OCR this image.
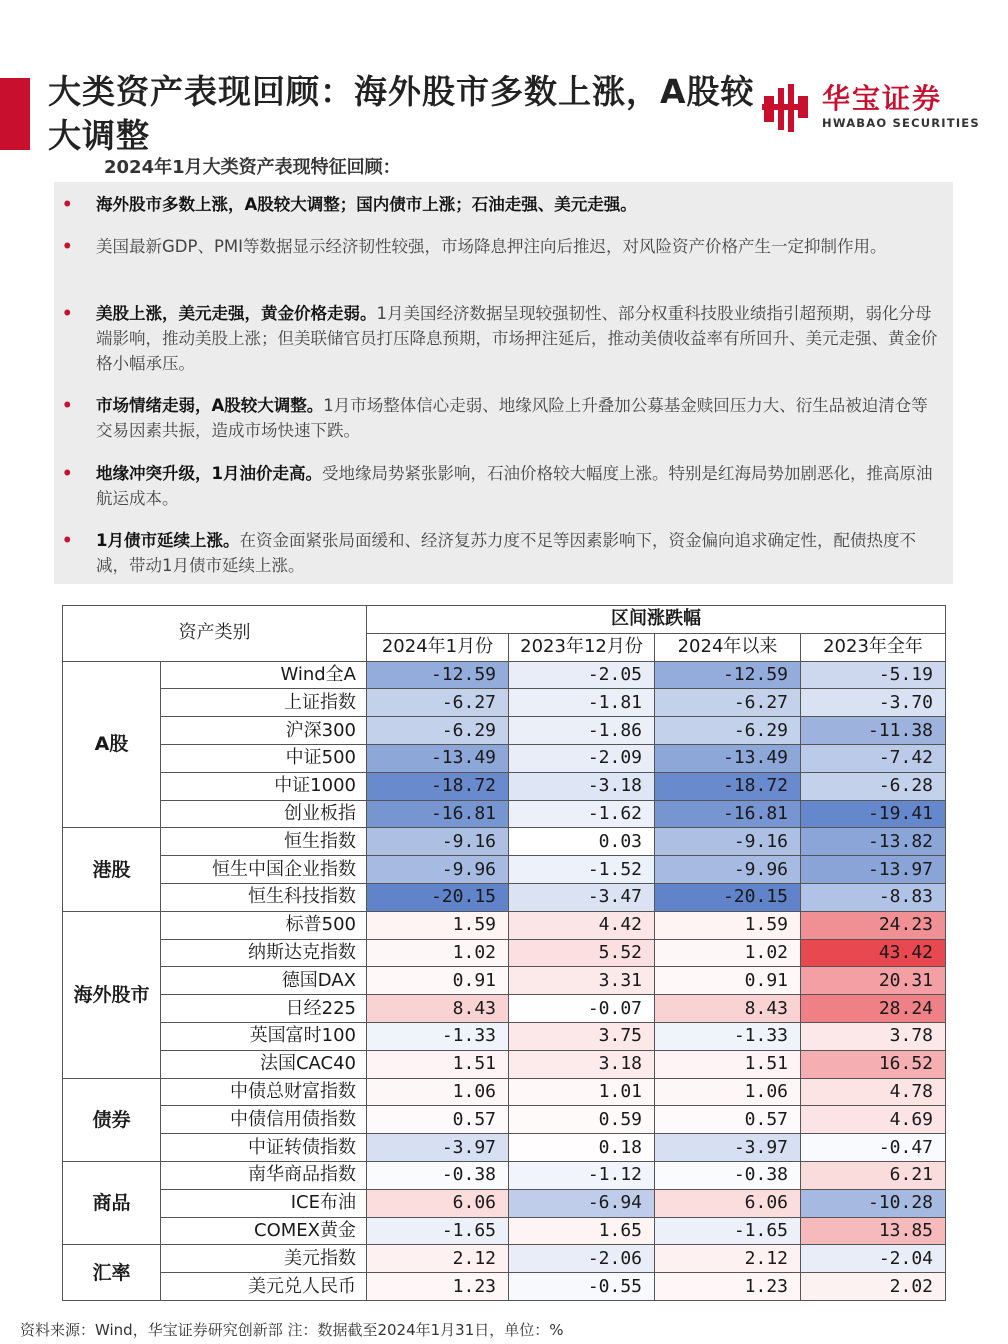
大类资产表现回顾：海外股市多数上涨，A股较大调整
华宝证券
HWABAO SECURITIES
2024年1月大类资产表现特征回顾：
• 海外股市多数上涨，A股较大调整；国内债市上涨；石油走强、美元走强。
• 美国最新GDP、PMI等数据显示经济韧性较强，市场降息押注向后推迟，对风险资产价格产生一定抑制作用。
• 美股上涨，美元走强，黄金价格走弱。1月美国经济数据呈现较强韧性、部分权重科技股业绩指引超预期，弱化分母端影响，推动美股上涨；但美联储官员打压降息预期，市场押注延后，推动美债收益率有所回升、美元走强、黄金价格小幅承压。
• 市场情绪走弱，A股较大调整。1月市场整体信心走弱、地缘风险上升叠加公募基金赎回压力大、衍生品被迫清仓等交易因素共振，造成市场快速下跌。
• 地缘冲突升级，1月油价走高。受地缘局势紧张影响，石油价格较大幅度上涨。特别是红海局势加剧恶化，推高原油航运成本。
• 1月债市延续上涨。在资金面紧张局面缓和、经济复苏力度不足等因素影响下，资金偏向追求确定性，配债热度不减，带动1月债市延续上涨。
资产类别		区间涨跌幅			
		2024年1月份	2023年12月份	2024年以来	2023年全年
A股	Wind全A	-12.59	-2.05	-12.59	-5.19
	上证指数	-6.27	-1.81	-6.27	-3.70
	沪深300	-6.29	-1.86	-6.29	-11.38
	中证500	-13.49	-2.09	-13.49	-7.42
	中证1000	-18.72	-3.18	-18.72	-6.28
	创业板指	-16.81	-1.62	-16.81	-19.41
港股	恒生指数	-9.16	0.03	-9.16	-13.82
	恒生中国企业指数	-9.96	-1.52	-9.96	-13.97
	恒生科技指数	-20.15	-3.47	-20.15	-8.83
海外股市	标普500	1.59	4.42	1.59	24.23
	纳斯达克指数	1.02	5.52	1.02	43.42
	德国DAX	0.91	3.31	0.91	20.31
	日经225	8.43	-0.07	8.43	28.24
	英国富时100	-1.33	3.75	-1.33	3.78
	法国CAC40	1.51	3.18	1.51	16.52
债券	中债总财富指数	1.06	1.01	1.06	4.78
	中债信用债指数	0.57	0.59	0.57	4.69
	中证转债指数	-3.97	0.18	-3.97	-0.47
商品	南华商品指数	-0.38	-1.12	-0.38	6.21
	ICE布油	6.06	-6.94	6.06	-10.28
	COMEX黄金	-1.65	1.65	-1.65	13.85
汇率	美元指数	2.12	-2.06	2.12	-2.04
	美元兑人民币	1.23	-0.55	1.23	2.02
资料来源：Wind，华宝证券研究创新部 注：数据截至2024年1月31日，单位：%
